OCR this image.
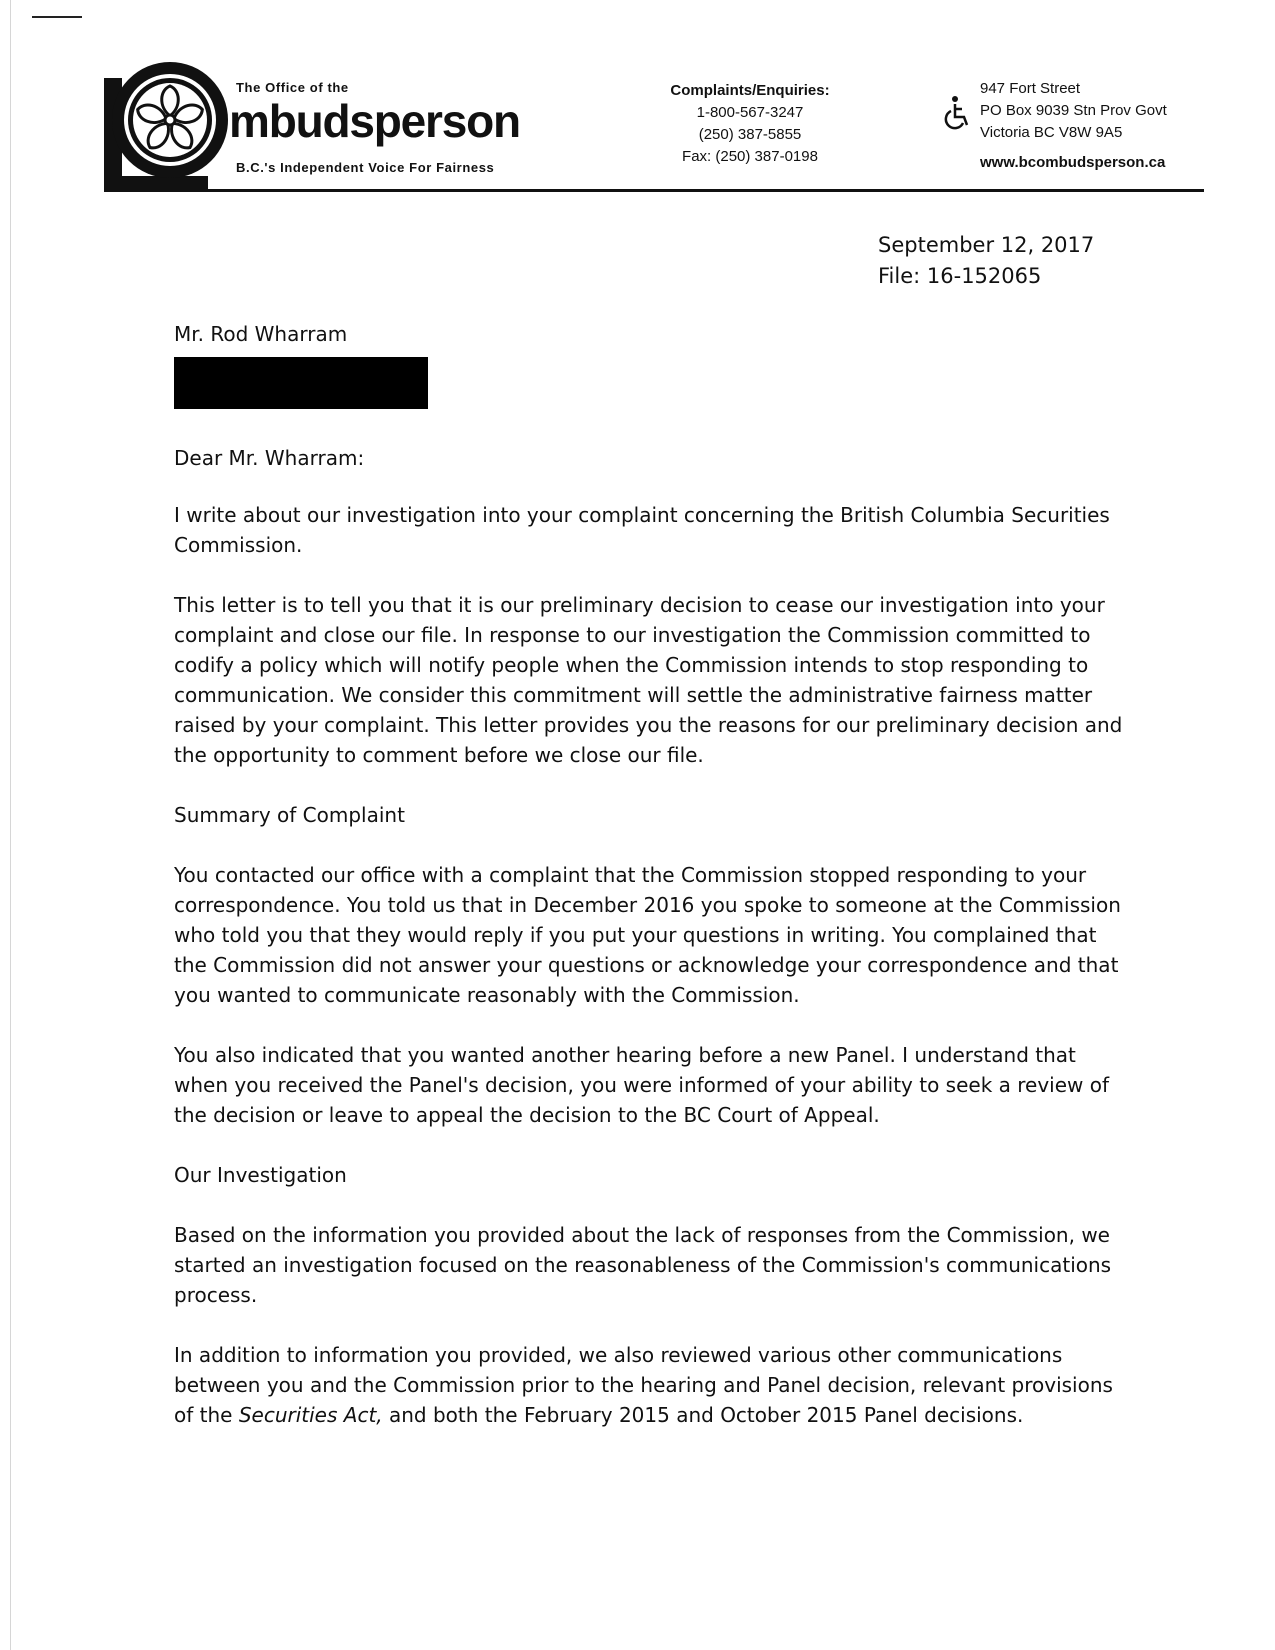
The Office of the
mbudsperson
B.C.'s Independent Voice For Fairness
Complaints/Enquiries:
1-800-567-3247
(250) 387-5855
Fax: (250) 387-0198
947 Fort Street
PO Box 9039 Stn Prov Govt
Victoria BC V8W 9A5
www.bcombudsperson.ca
September 12, 2017
File: 16-152065
Mr. Rod Wharram

Dear Mr. Wharram:

I write about our investigation into your complaint concerning the British Columbia Securities Commission.

This letter is to tell you that it is our preliminary decision to cease our investigation into your complaint and close our file. In response to our investigation the Commission committed to codify a policy which will notify people when the Commission intends to stop responding to communication. We consider this commitment will settle the administrative fairness matter raised by your complaint. This letter provides you the reasons for our preliminary decision and the opportunity to comment before we close our file.

Summary of Complaint

You contacted our office with a complaint that the Commission stopped responding to your correspondence. You told us that in December 2016 you spoke to someone at the Commission who told you that they would reply if you put your questions in writing. You complained that the Commission did not answer your questions or acknowledge your correspondence and that you wanted to communicate reasonably with the Commission.

You also indicated that you wanted another hearing before a new Panel. I understand that when you received the Panel's decision, you were informed of your ability to seek a review of the decision or leave to appeal the decision to the BC Court of Appeal.

Our Investigation

Based on the information you provided about the lack of responses from the Commission, we started an investigation focused on the reasonableness of the Commission's communications process.

In addition to information you provided, we also reviewed various other communications between you and the Commission prior to the hearing and Panel decision, relevant provisions of the Securities Act, and both the February 2015 and October 2015 Panel decisions.
